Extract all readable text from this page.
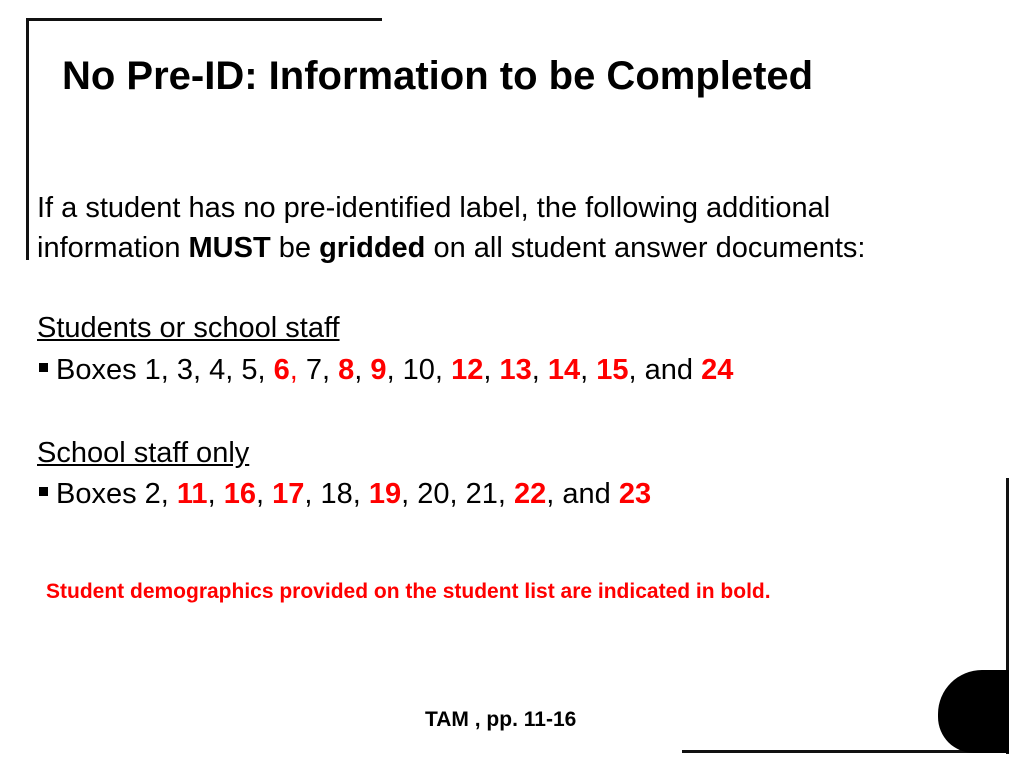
No Pre-ID: Information to be Completed

If a student has no pre-identified label, the following additional
information MUST be gridded on all student answer documents:

Students or school staff

Boxes 1, 3, 4, 5, 6, 7, 8, 9, 10, 12, 13, 14, 15, and 24

School staff only

Boxes 2, 11, 16, 17, 18, 19, 20, 21, 22, and 23

Student demographics provided on the student list are indicated in bold.

TAM , pp. 11-16
